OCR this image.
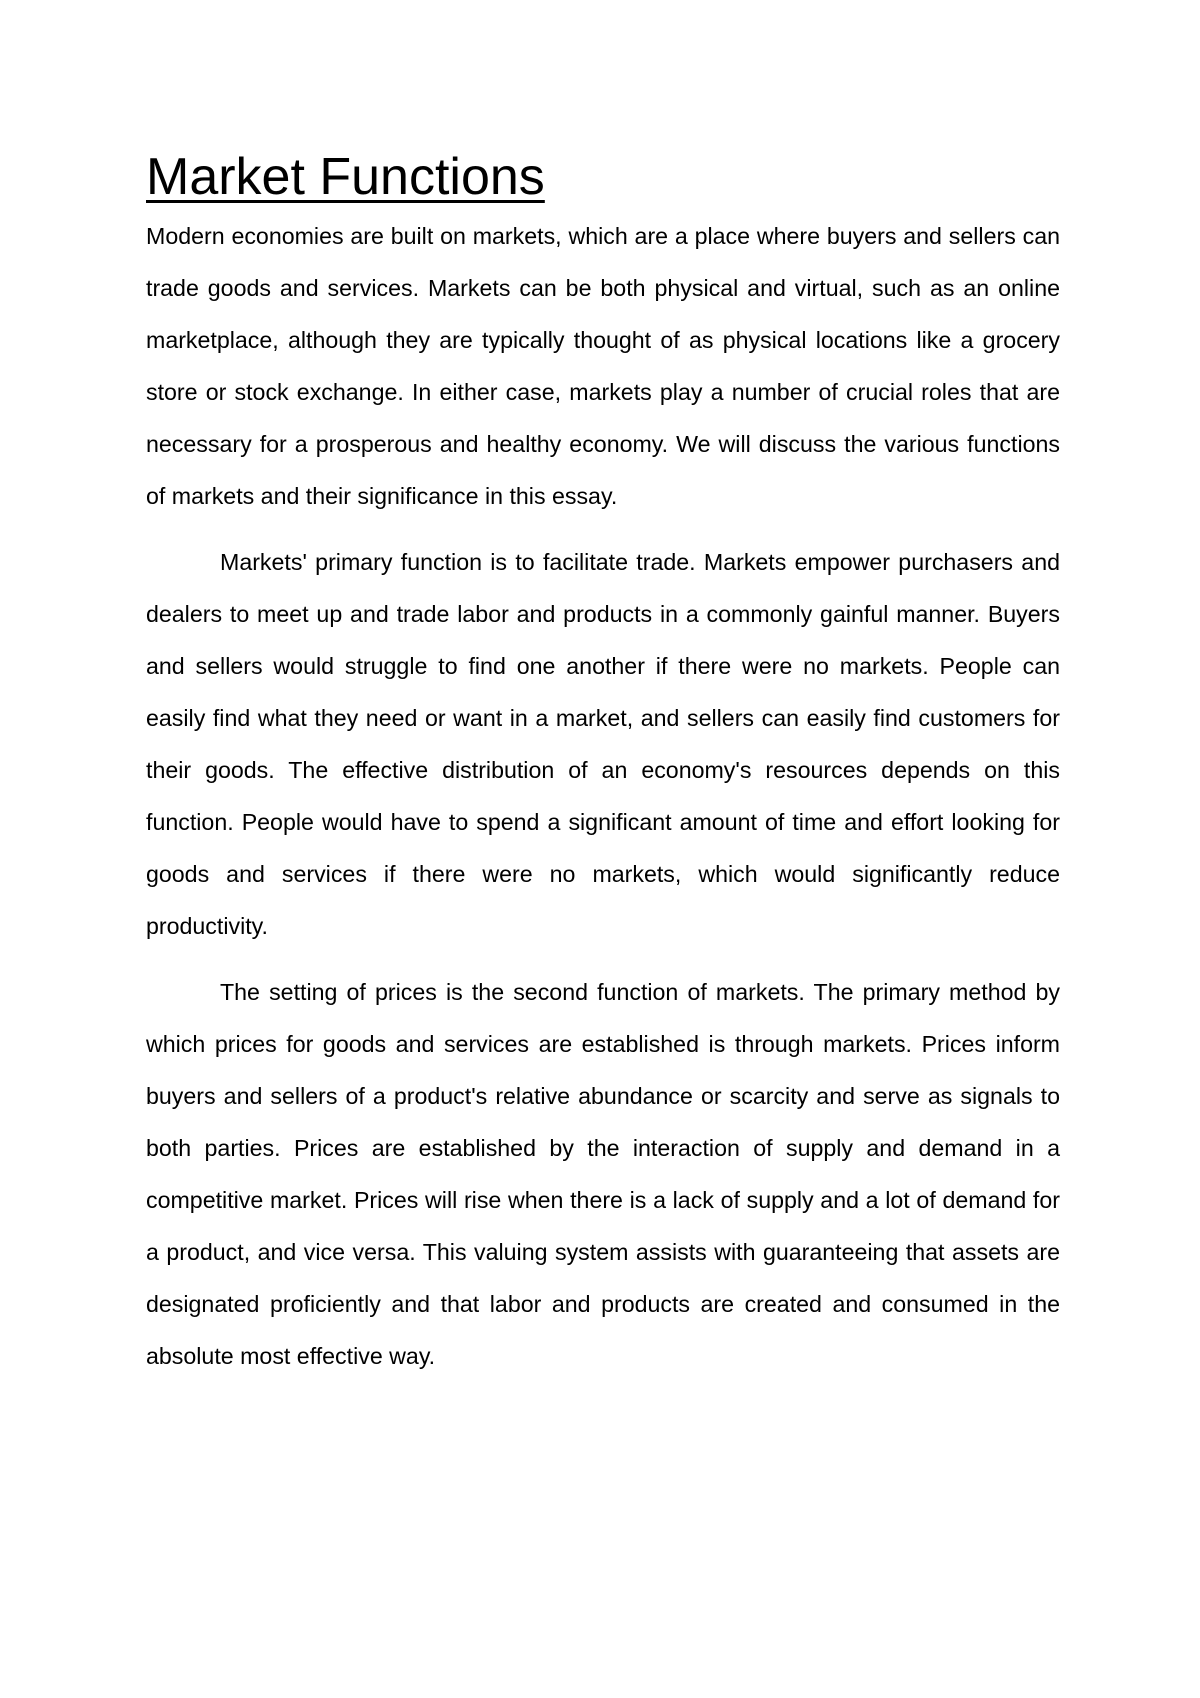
Market Functions

Modern economies are built on markets, which are a place where buyers and sellers can trade goods and services. Markets can be both physical and virtual, such as an online marketplace, although they are typically thought of as physical locations like a grocery store or stock exchange. In either case, markets play a number of crucial roles that are necessary for a prosperous and healthy economy. We will discuss the various functions of markets and their significance in this essay.

Markets' primary function is to facilitate trade. Markets empower purchasers and dealers to meet up and trade labor and products in a commonly gainful manner. Buyers and sellers would struggle to find one another if there were no markets. People can easily find what they need or want in a market, and sellers can easily find customers for their goods. The effective distribution of an economy's resources depends on this function. People would have to spend a significant amount of time and effort looking for goods and services if there were no markets, which would significantly reduce productivity.

The setting of prices is the second function of markets. The primary method by which prices for goods and services are established is through markets. Prices inform buyers and sellers of a product's relative abundance or scarcity and serve as signals to both parties. Prices are established by the interaction of supply and demand in a competitive market. Prices will rise when there is a lack of supply and a lot of demand for a product, and vice versa. This valuing system assists with guaranteeing that assets are designated proficiently and that labor and products are created and consumed in the absolute most effective way.
